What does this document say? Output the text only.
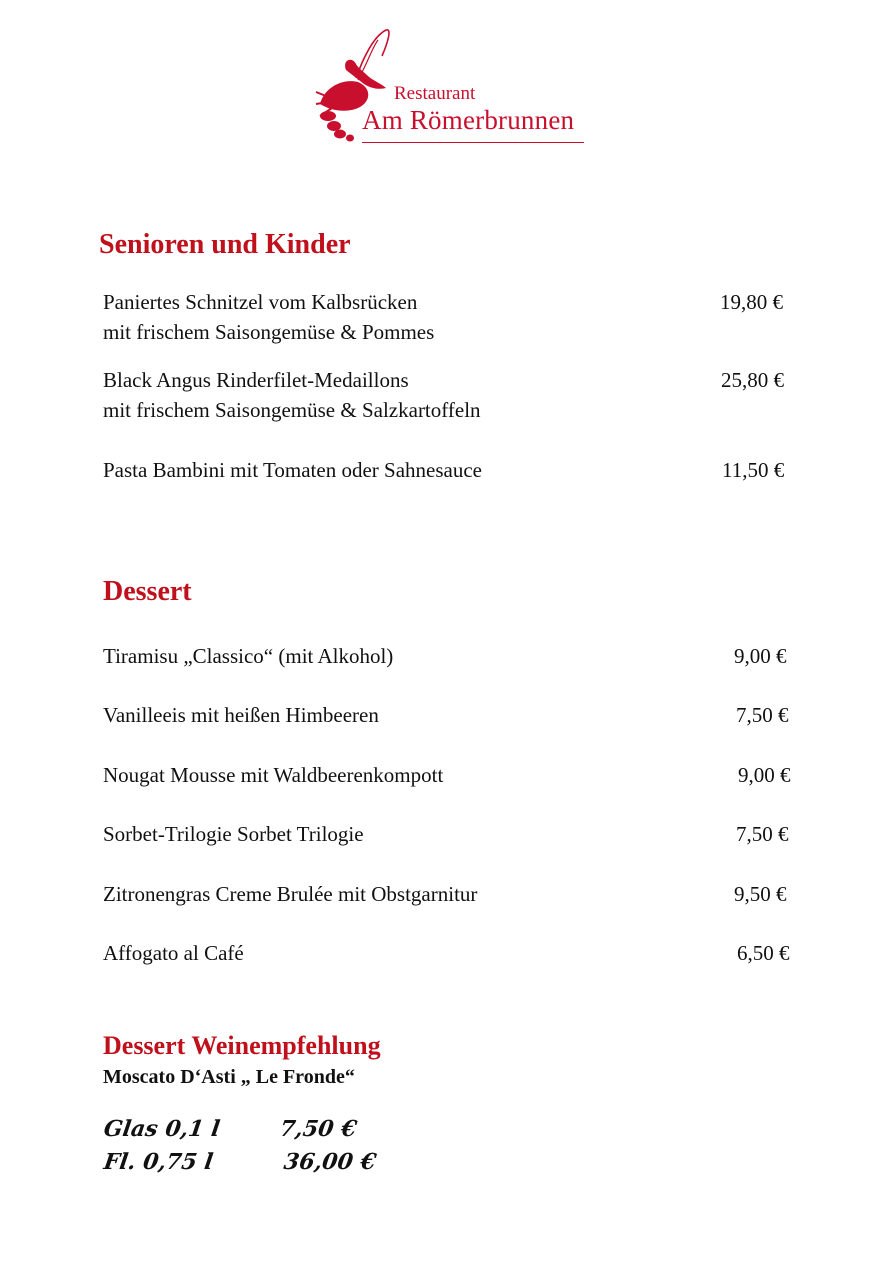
Restaurant
Am Römerbrunnen
Senioren und Kinder
Paniertes Schnitzel vom Kalbsrücken
mit frischem Saisongemüse & Pommes
19,80 €
Black Angus Rinderfilet-Medaillons
mit frischem Saisongemüse & Salzkartoffeln
25,80 €
Pasta Bambini mit Tomaten oder Sahnesauce	11,50 €
Dessert
Tiramisu „Classico“ (mit Alkohol)	9,00 €
Vanilleeis mit heißen Himbeeren	7,50 €
Nougat Mousse mit Waldbeerenkompott	9,00 €
Sorbet-Trilogie Sorbet Trilogie	7,50 €
Zitronengras Creme Brulée mit Obstgarnitur	9,50 €
Affogato al Café	6,50 €
Dessert Weinempfehlung
Moscato D‘Asti „ Le Fronde“
Glas 0,1 l	7,50 €
Fl. 0,75 l	36,00 €
